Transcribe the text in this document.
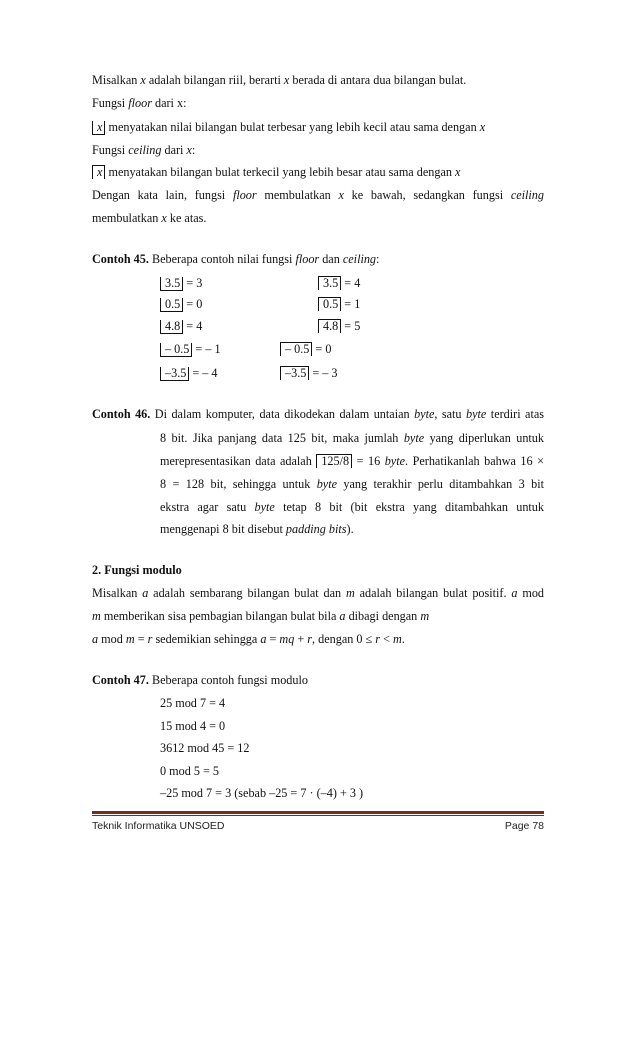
Misalkan x adalah bilangan riil, berarti x berada di antara dua bilangan bulat.
Fungsi floor dari x:
x menyatakan nilai bilangan bulat terbesar yang lebih kecil atau sama dengan x
Fungsi ceiling dari x:
x menyatakan bilangan bulat terkecil yang lebih besar atau sama dengan x
Dengan kata lain, fungsi floor membulatkan x ke bawah, sedangkan fungsi ceiling
membulatkan x ke atas.
Contoh 45. Beberapa contoh nilai fungsi floor dan ceiling:
3.5 = 3	3.5 = 4
0.5 = 0	0.5 = 1
4.8 = 4	4.8 = 5
– 0.5 = – 1	– 0.5 = 0
–3.5 = – 4	–3.5 = – 3
Contoh 46. Di dalam komputer, data dikodekan dalam untaian byte, satu byte terdiri atas
8 bit. Jika panjang data 125 bit, maka jumlah byte yang diperlukan untuk
merepresentasikan data adalah 125/8 = 16 byte. Perhatikanlah bahwa 16 ×
8 = 128 bit, sehingga untuk byte yang terakhir perlu ditambahkan 3 bit
ekstra agar satu byte tetap 8 bit (bit ekstra yang ditambahkan untuk
menggenapi 8 bit disebut padding bits).
2. Fungsi modulo
Misalkan a adalah sembarang bilangan bulat dan m adalah bilangan bulat positif. a mod
m memberikan sisa pembagian bilangan bulat bila a dibagi dengan m
a mod m = r sedemikian sehingga a = mq + r, dengan 0 ≤ r < m.
Contoh 47. Beberapa contoh fungsi modulo
25 mod 7 = 4
15 mod 4 = 0
3612 mod 45 = 12
0 mod 5 = 5
–25 mod 7 = 3 (sebab –25 = 7 · (–4) + 3 )
Teknik Informatika UNSOED	Page 78
